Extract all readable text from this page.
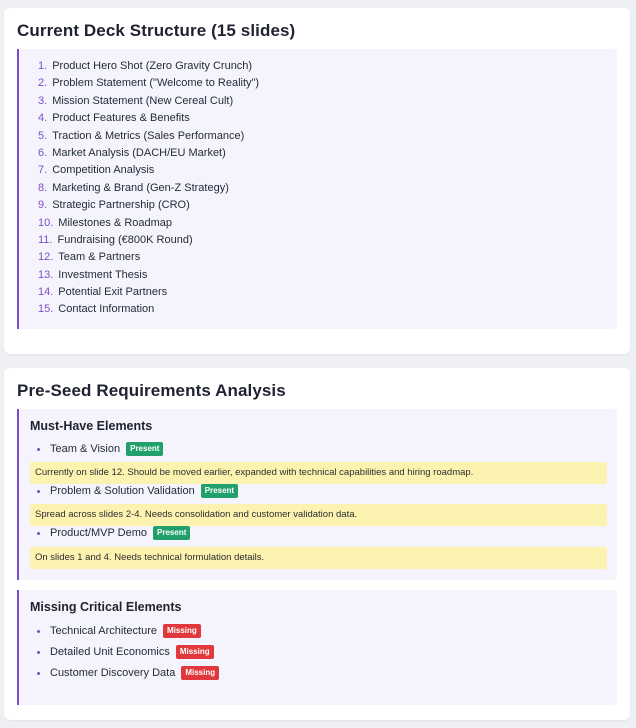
Current Deck Structure (15 slides)
1. Product Hero Shot (Zero Gravity Crunch)
2. Problem Statement ("Welcome to Reality")
3. Mission Statement (New Cereal Cult)
4. Product Features & Benefits
5. Traction & Metrics (Sales Performance)
6. Market Analysis (DACH/EU Market)
7. Competition Analysis
8. Marketing & Brand (Gen-Z Strategy)
9. Strategic Partnership (CRO)
10. Milestones & Roadmap
11. Fundraising (€800K Round)
12. Team & Partners
13. Investment Thesis
14. Potential Exit Partners
15. Contact Information
Pre-Seed Requirements Analysis
Must-Have Elements
Team & Vision	Present
Currently on slide 12. Should be moved earlier, expanded with technical capabilities and hiring roadmap.
Problem & Solution Validation	Present
Spread across slides 2-4. Needs consolidation and customer validation data.
Product/MVP Demo	Present
On slides 1 and 4. Needs technical formulation details.
Missing Critical Elements
Technical Architecture	Missing
Detailed Unit Economics	Missing
Customer Discovery Data	Missing
